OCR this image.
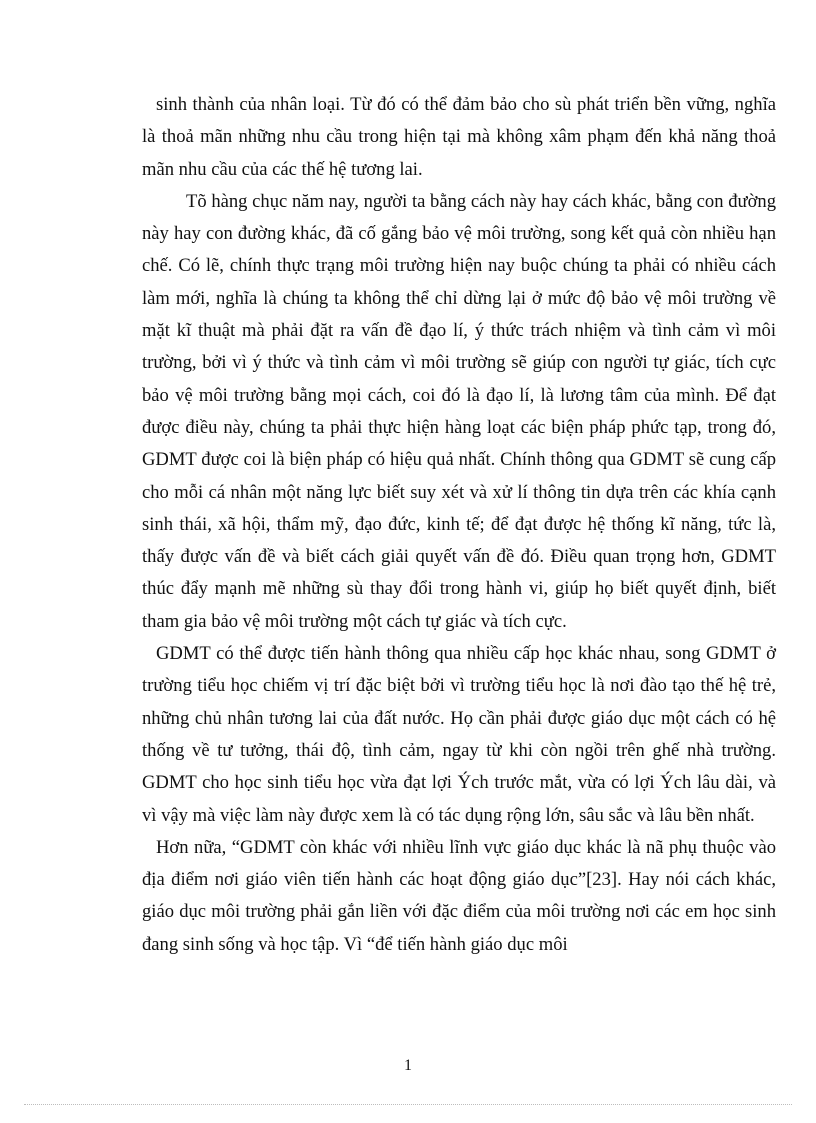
sinh thành của nhân loại. Từ đó có thể đảm bảo cho sù phát triển bền vững, nghĩa là thoả mãn những nhu cầu trong hiện tại mà không xâm phạm đến khả năng thoả mãn nhu cầu của các thế hệ tương lai.

Tõ hàng chục năm nay, người ta bằng cách này hay cách khác, bằng con đường này hay con đường khác, đã cố gắng bảo vệ môi trường, song kết quả còn nhiều hạn chế. Có lẽ, chính thực trạng môi trường hiện nay buộc chúng ta phải có nhiều cách làm mới, nghĩa là chúng ta không thể chỉ dừng lại ở mức độ bảo vệ môi trường về mặt kĩ thuật mà phải đặt ra vấn đề đạo lí, ý thức trách nhiệm và tình cảm vì môi trường, bởi vì ý thức và tình cảm vì môi trường sẽ giúp con người tự giác, tích cực bảo vệ môi trường bằng mọi cách, coi đó là đạo lí, là lương tâm của mình. Để đạt được điều này, chúng ta phải thực hiện hàng loạt các biện pháp phức tạp, trong đó, GDMT được coi là biện pháp có hiệu quả nhất. Chính thông qua GDMT sẽ cung cấp cho mỗi cá nhân một năng lực biết suy xét và xử lí thông tin dựa trên các khía cạnh sinh thái, xã hội, thẩm mỹ, đạo đức, kinh tế; để đạt được hệ thống kĩ năng, tức là, thấy được vấn đề và biết cách giải quyết vấn đề đó. Điều quan trọng hơn, GDMT thúc đẩy mạnh mẽ những sù thay đổi trong hành vi, giúp họ biết quyết định, biết tham gia bảo vệ môi trường một cách tự giác và tích cực.

GDMT có thể được tiến hành thông qua nhiều cấp học khác nhau, song GDMT ở trường tiểu học chiếm vị trí đặc biệt bởi vì trường tiểu học là nơi đào tạo thế hệ trẻ, những chủ nhân tương lai của đất nước. Họ cần phải được giáo dục một cách có hệ thống về tư tưởng, thái độ, tình cảm, ngay từ khi còn ngồi trên ghế nhà trường. GDMT cho học sinh tiểu học vừa đạt lợi Ých trước mắt, vừa có lợi Ých lâu dài, và vì vậy mà việc làm này được xem là có tác dụng rộng lớn, sâu sắc và lâu bền nhất.

Hơn nữa, “GDMT còn khác với nhiều lĩnh vực giáo dục khác là nã phụ thuộc vào địa điểm nơi giáo viên tiến hành các hoạt động giáo dục”[23]. Hay nói cách khác, giáo dục môi trường phải gắn liền với đặc điểm của môi trường nơi các em học sinh đang sinh sống và học tập. Vì “để tiến hành giáo dục môi

1
